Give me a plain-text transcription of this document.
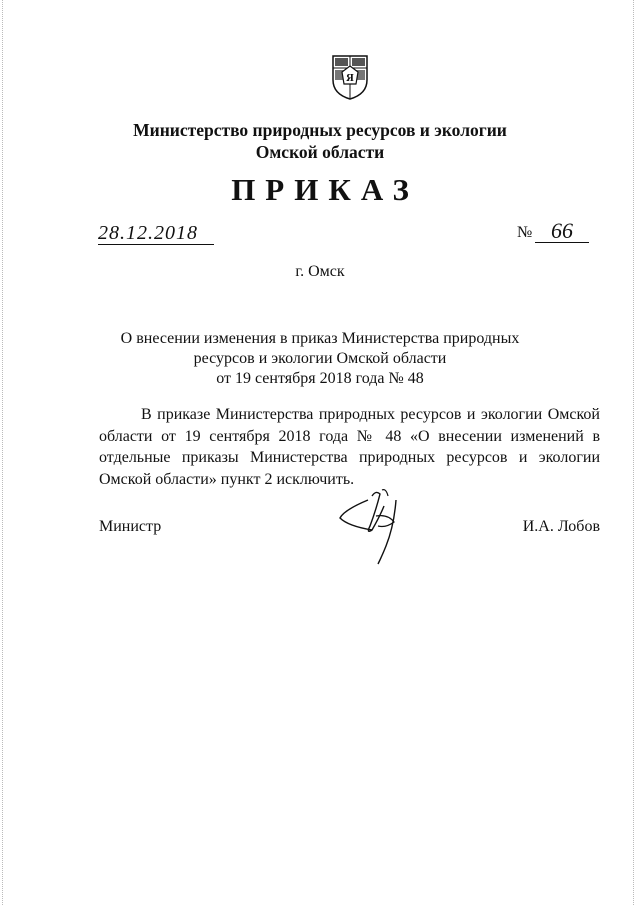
Я
Министерство природных ресурсов и экологии
Омской области
ПРИКАЗ
28.12.2018	№ 66
г. Омск
О внесении изменения в приказ Министерства природных
ресурсов и экологии Омской области
от 19 сентября 2018 года № 48
В приказе Министерства природных ресурсов и экологии Омской области от 19 сентября 2018 года № 48 «О внесении изменений в отдельные приказы Министерства природных ресурсов и экологии Омской области» пункт 2 исключить.
Министр	И.А. Лобов
